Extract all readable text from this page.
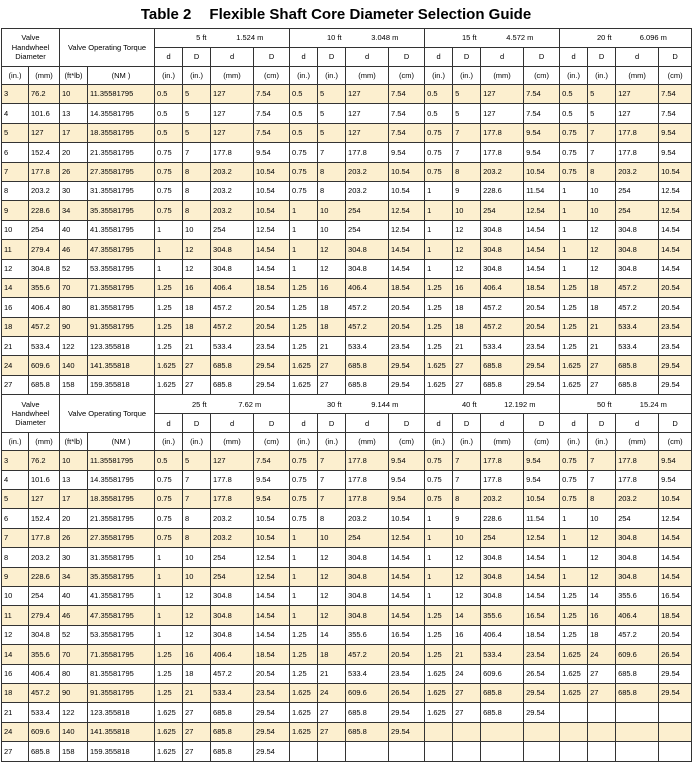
Table 2 Flexible Shaft Core Diameter Selection Guide
Valve Handwheel Diameter		Valve Operating Torque		5 ft		1.524 m		10 ft		3.048 m		15 ft		4.572 m		20 ft		6.096 m	
				d	D	d	D	d	D	d	D	d	D	d	D	d	D	d	D
(in.)	(mm)	(ft*lb)	(NM )	(in.)	(in.)	(mm)	(cm)	(in.)	(in.)	(mm)	(cm)	(in.)	(in.)	(mm)	(cm)	(in.)	(in.)	(mm)	(cm)
3	76.2	10	11.35581795	0.5	5	127	7.54	0.5	5	127	7.54	0.5	5	127	7.54	0.5	5	127	7.54
4	101.6	13	14.35581795	0.5	5	127	7.54	0.5	5	127	7.54	0.5	5	127	7.54	0.5	5	127	7.54
5	127	17	18.35581795	0.5	5	127	7.54	0.5	5	127	7.54	0.75	7	177.8	9.54	0.75	7	177.8	9.54
6	152.4	20	21.35581795	0.75	7	177.8	9.54	0.75	7	177.8	9.54	0.75	7	177.8	9.54	0.75	7	177.8	9.54
7	177.8	26	27.35581795	0.75	8	203.2	10.54	0.75	8	203.2	10.54	0.75	8	203.2	10.54	0.75	8	203.2	10.54
8	203.2	30	31.35581795	0.75	8	203.2	10.54	0.75	8	203.2	10.54	1	9	228.6	11.54	1	10	254	12.54
9	228.6	34	35.35581795	0.75	8	203.2	10.54	1	10	254	12.54	1	10	254	12.54	1	10	254	12.54
10	254	40	41.35581795	1	10	254	12.54	1	10	254	12.54	1	12	304.8	14.54	1	12	304.8	14.54
11	279.4	46	47.35581795	1	12	304.8	14.54	1	12	304.8	14.54	1	12	304.8	14.54	1	12	304.8	14.54
12	304.8	52	53.35581795	1	12	304.8	14.54	1	12	304.8	14.54	1	12	304.8	14.54	1	12	304.8	14.54
14	355.6	70	71.35581795	1.25	16	406.4	18.54	1.25	16	406.4	18.54	1.25	16	406.4	18.54	1.25	18	457.2	20.54
16	406.4	80	81.35581795	1.25	18	457.2	20.54	1.25	18	457.2	20.54	1.25	18	457.2	20.54	1.25	18	457.2	20.54
18	457.2	90	91.35581795	1.25	18	457.2	20.54	1.25	18	457.2	20.54	1.25	18	457.2	20.54	1.25	21	533.4	23.54
21	533.4	122	123.355818	1.25	21	533.4	23.54	1.25	21	533.4	23.54	1.25	21	533.4	23.54	1.25	21	533.4	23.54
24	609.6	140	141.355818	1.625	27	685.8	29.54	1.625	27	685.8	29.54	1.625	27	685.8	29.54	1.625	27	685.8	29.54
27	685.8	158	159.355818	1.625	27	685.8	29.54	1.625	27	685.8	29.54	1.625	27	685.8	29.54	1.625	27	685.8	29.54
Valve Handwheel Diameter		Valve Operating Torque		25 ft		7.62 m		30 ft		9.144 m		40 ft		12.192 m		50 ft		15.24 m	
				d	D	d	D	d	D	d	D	d	D	d	D	d	D	d	D
(in.)	(mm)	(ft*lb)	(NM )	(in.)	(in.)	(mm)	(cm)	(in.)	(in.)	(mm)	(cm)	(in.)	(in.)	(mm)	(cm)	(in.)	(in.)	(mm)	(cm)
3	76.2	10	11.35581795	0.5	5	127	7.54	0.75	7	177.8	9.54	0.75	7	177.8	9.54	0.75	7	177.8	9.54
4	101.6	13	14.35581795	0.75	7	177.8	9.54	0.75	7	177.8	9.54	0.75	7	177.8	9.54	0.75	7	177.8	9.54
5	127	17	18.35581795	0.75	7	177.8	9.54	0.75	7	177.8	9.54	0.75	8	203.2	10.54	0.75	8	203.2	10.54
6	152.4	20	21.35581795	0.75	8	203.2	10.54	0.75	8	203.2	10.54	1	9	228.6	11.54	1	10	254	12.54
7	177.8	26	27.35581795	0.75	8	203.2	10.54	1	10	254	12.54	1	10	254	12.54	1	12	304.8	14.54
8	203.2	30	31.35581795	1	10	254	12.54	1	12	304.8	14.54	1	12	304.8	14.54	1	12	304.8	14.54
9	228.6	34	35.35581795	1	10	254	12.54	1	12	304.8	14.54	1	12	304.8	14.54	1	12	304.8	14.54
10	254	40	41.35581795	1	12	304.8	14.54	1	12	304.8	14.54	1	12	304.8	14.54	1.25	14	355.6	16.54
11	279.4	46	47.35581795	1	12	304.8	14.54	1	12	304.8	14.54	1.25	14	355.6	16.54	1.25	16	406.4	18.54
12	304.8	52	53.35581795	1	12	304.8	14.54	1.25	14	355.6	16.54	1.25	16	406.4	18.54	1.25	18	457.2	20.54
14	355.6	70	71.35581795	1.25	16	406.4	18.54	1.25	18	457.2	20.54	1.25	21	533.4	23.54	1.625	24	609.6	26.54
16	406.4	80	81.35581795	1.25	18	457.2	20.54	1.25	21	533.4	23.54	1.625	24	609.6	26.54	1.625	27	685.8	29.54
18	457.2	90	91.35581795	1.25	21	533.4	23.54	1.625	24	609.6	26.54	1.625	27	685.8	29.54	1.625	27	685.8	29.54
21	533.4	122	123.355818	1.625	27	685.8	29.54	1.625	27	685.8	29.54	1.625	27	685.8	29.54				
24	609.6	140	141.355818	1.625	27	685.8	29.54	1.625	27	685.8	29.54								
27	685.8	158	159.355818	1.625	27	685.8	29.54												
